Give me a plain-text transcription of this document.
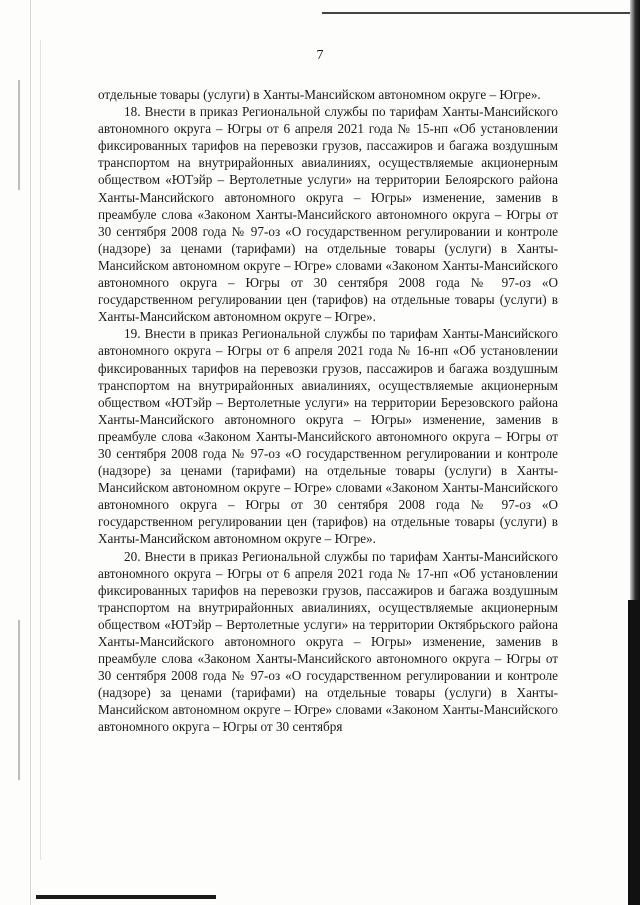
7

отдельные товары (услуги) в Ханты-Мансийском автономном округе – Югре».

18. Внести в приказ Региональной службы по тарифам Ханты-Мансийского автономного округа – Югры от 6 апреля 2021 года № 15-нп «Об установлении фиксированных тарифов на перевозки грузов, пассажиров и багажа воздушным транспортом на внутрирайонных авиалиниях, осуществляемые акционерным обществом «ЮТэйр – Вертолетные услуги» на территории Белоярского района Ханты-Мансийского автономного округа – Югры» изменение, заменив в преамбуле слова «Законом Ханты-Мансийского автономного округа – Югры от 30 сентября 2008 года № 97-оз «О государственном регулировании и контроле (надзоре) за ценами (тарифами) на отдельные товары (услуги) в Ханты-Мансийском автономном округе – Югре» словами «Законом Ханты-Мансийского автономного округа – Югры от 30 сентября 2008 года № 97-оз «О государственном регулировании цен (тарифов) на отдельные товары (услуги) в Ханты-Мансийском автономном округе – Югре».

19. Внести в приказ Региональной службы по тарифам Ханты-Мансийского автономного округа – Югры от 6 апреля 2021 года № 16-нп «Об установлении фиксированных тарифов на перевозки грузов, пассажиров и багажа воздушным транспортом на внутрирайонных авиалиниях, осуществляемые акционерным обществом «ЮТэйр – Вертолетные услуги» на территории Березовского района Ханты-Мансийского автономного округа – Югры» изменение, заменив в преамбуле слова «Законом Ханты-Мансийского автономного округа – Югры от 30 сентября 2008 года № 97-оз «О государственном регулировании и контроле (надзоре) за ценами (тарифами) на отдельные товары (услуги) в Ханты-Мансийском автономном округе – Югре» словами «Законом Ханты-Мансийского автономного округа – Югры от 30 сентября 2008 года № 97-оз «О государственном регулировании цен (тарифов) на отдельные товары (услуги) в Ханты-Мансийском автономном округе – Югре».

20. Внести в приказ Региональной службы по тарифам Ханты-Мансийского автономного округа – Югры от 6 апреля 2021 года № 17-нп «Об установлении фиксированных тарифов на перевозки грузов, пассажиров и багажа воздушным транспортом на внутрирайонных авиалиниях, осуществляемые акционерным обществом «ЮТэйр – Вертолетные услуги» на территории Октябрьского района Ханты-Мансийского автономного округа – Югры» изменение, заменив в преамбуле слова «Законом Ханты-Мансийского автономного округа – Югры от 30 сентября 2008 года № 97-оз «О государственном регулировании и контроле (надзоре) за ценами (тарифами) на отдельные товары (услуги) в Ханты-Мансийском автономном округе – Югре» словами «Законом Ханты-Мансийского автономного округа – Югры от 30 сентября
